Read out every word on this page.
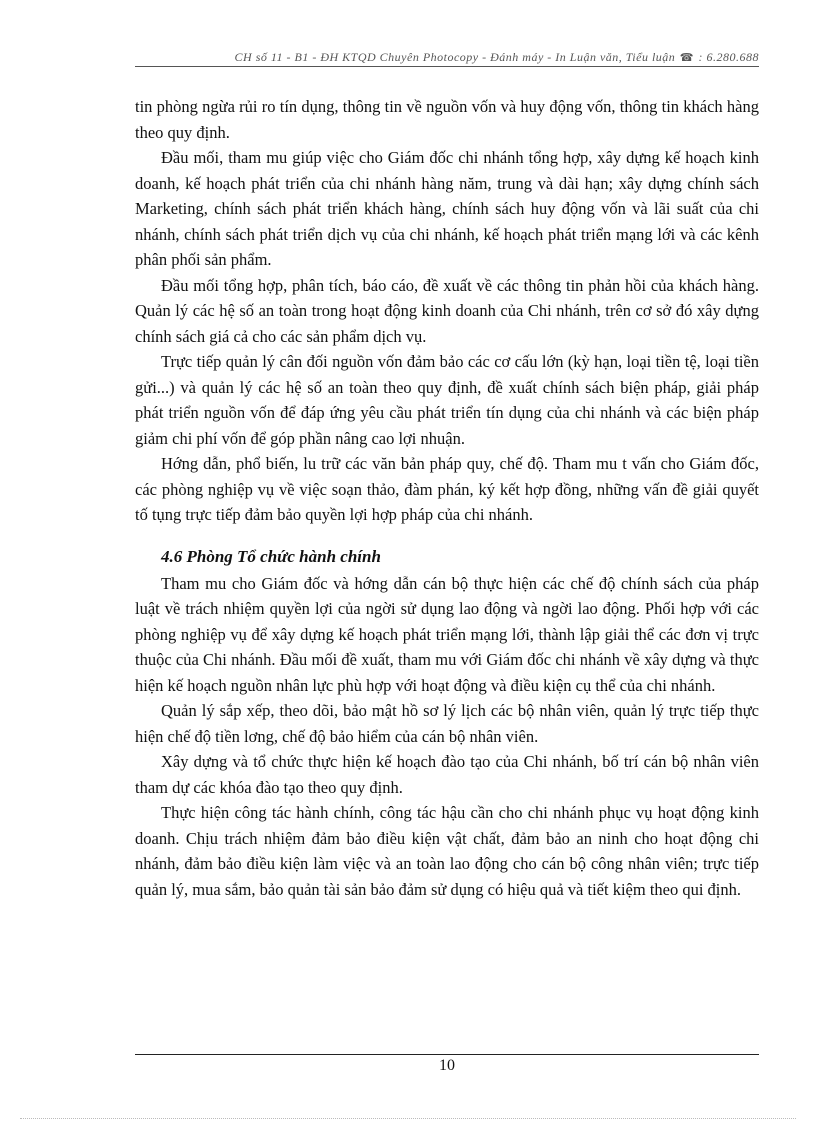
CH số 11 - B1 - ĐH KTQD Chuyên Photocopy - Đánh máy - In Luận văn, Tiểu luận ☎ : 6.280.688

tin phòng ngừa rủi ro tín dụng, thông tin về nguồn vốn và huy động vốn, thông tin khách hàng theo quy định.

Đầu mối, tham mu giúp việc cho Giám đốc chi nhánh tổng hợp, xây dựng kế hoạch kinh doanh, kế hoạch phát triển của chi nhánh hàng năm, trung và dài hạn; xây dựng chính sách Marketing, chính sách phát triển khách hàng, chính sách huy động vốn và lãi suất của chi nhánh, chính sách phát triển dịch vụ của chi nhánh, kế hoạch phát triển mạng lới và các kênh phân phối sản phẩm.

Đầu mối tổng hợp, phân tích, báo cáo, đề xuất về các thông tin phản hồi của khách hàng. Quản lý các hệ số an toàn trong hoạt động kinh doanh của Chi nhánh, trên cơ sở đó xây dựng chính sách giá cả cho các sản phẩm dịch vụ.

Trực tiếp quản lý cân đối nguồn vốn đảm bảo các cơ cấu lớn (kỳ hạn, loại tiền tệ, loại tiền gửi...) và quản lý các hệ số an toàn theo quy định, đề xuất chính sách biện pháp, giải pháp phát triển nguồn vốn để đáp ứng yêu cầu phát triển tín dụng của chi nhánh và các biện pháp giảm chi phí vốn để góp phần nâng cao lợi nhuận.

Hớng dẫn, phổ biến, lu trữ các văn bản pháp quy, chế độ. Tham mu t vấn cho Giám đốc, các phòng nghiệp vụ về việc soạn thảo, đàm phán, ký kết hợp đồng, những vấn đề giải quyết tố tụng trực tiếp đảm bảo quyền lợi hợp pháp của chi nhánh.

4.6 Phòng Tổ chức hành chính

Tham mu cho Giám đốc và hớng dẫn cán bộ thực hiện các chế độ chính sách của pháp luật về trách nhiệm quyền lợi của ngời sử dụng lao động và ngời lao động. Phối hợp với các phòng nghiệp vụ để xây dựng kế hoạch phát triển mạng lới, thành lập giải thể các đơn vị trực thuộc của Chi nhánh. Đầu mối đề xuất, tham mu với Giám đốc chi nhánh về xây dựng và thực hiện kế hoạch nguồn nhân lực phù hợp với hoạt động và điều kiện cụ thể của chi nhánh.

Quản lý sắp xếp, theo dõi, bảo mật hồ sơ lý lịch các bộ nhân viên, quản lý trực tiếp thực hiện chế độ tiền lơng, chế độ bảo hiểm của cán bộ nhân viên.

Xây dựng và tổ chức thực hiện kế hoạch đào tạo của Chi nhánh, bố trí cán bộ nhân viên tham dự các khóa đào tạo theo quy định.

Thực hiện công tác hành chính, công tác hậu cần cho chi nhánh phục vụ hoạt động kinh doanh. Chịu trách nhiệm đảm bảo điều kiện vật chất, đảm bảo an ninh cho hoạt động chi nhánh, đảm bảo điều kiện làm việc và an toàn lao động cho cán bộ công nhân viên; trực tiếp quản lý, mua sắm, bảo quản tài sản bảo đảm sử dụng có hiệu quả và tiết kiệm theo qui định.

10
